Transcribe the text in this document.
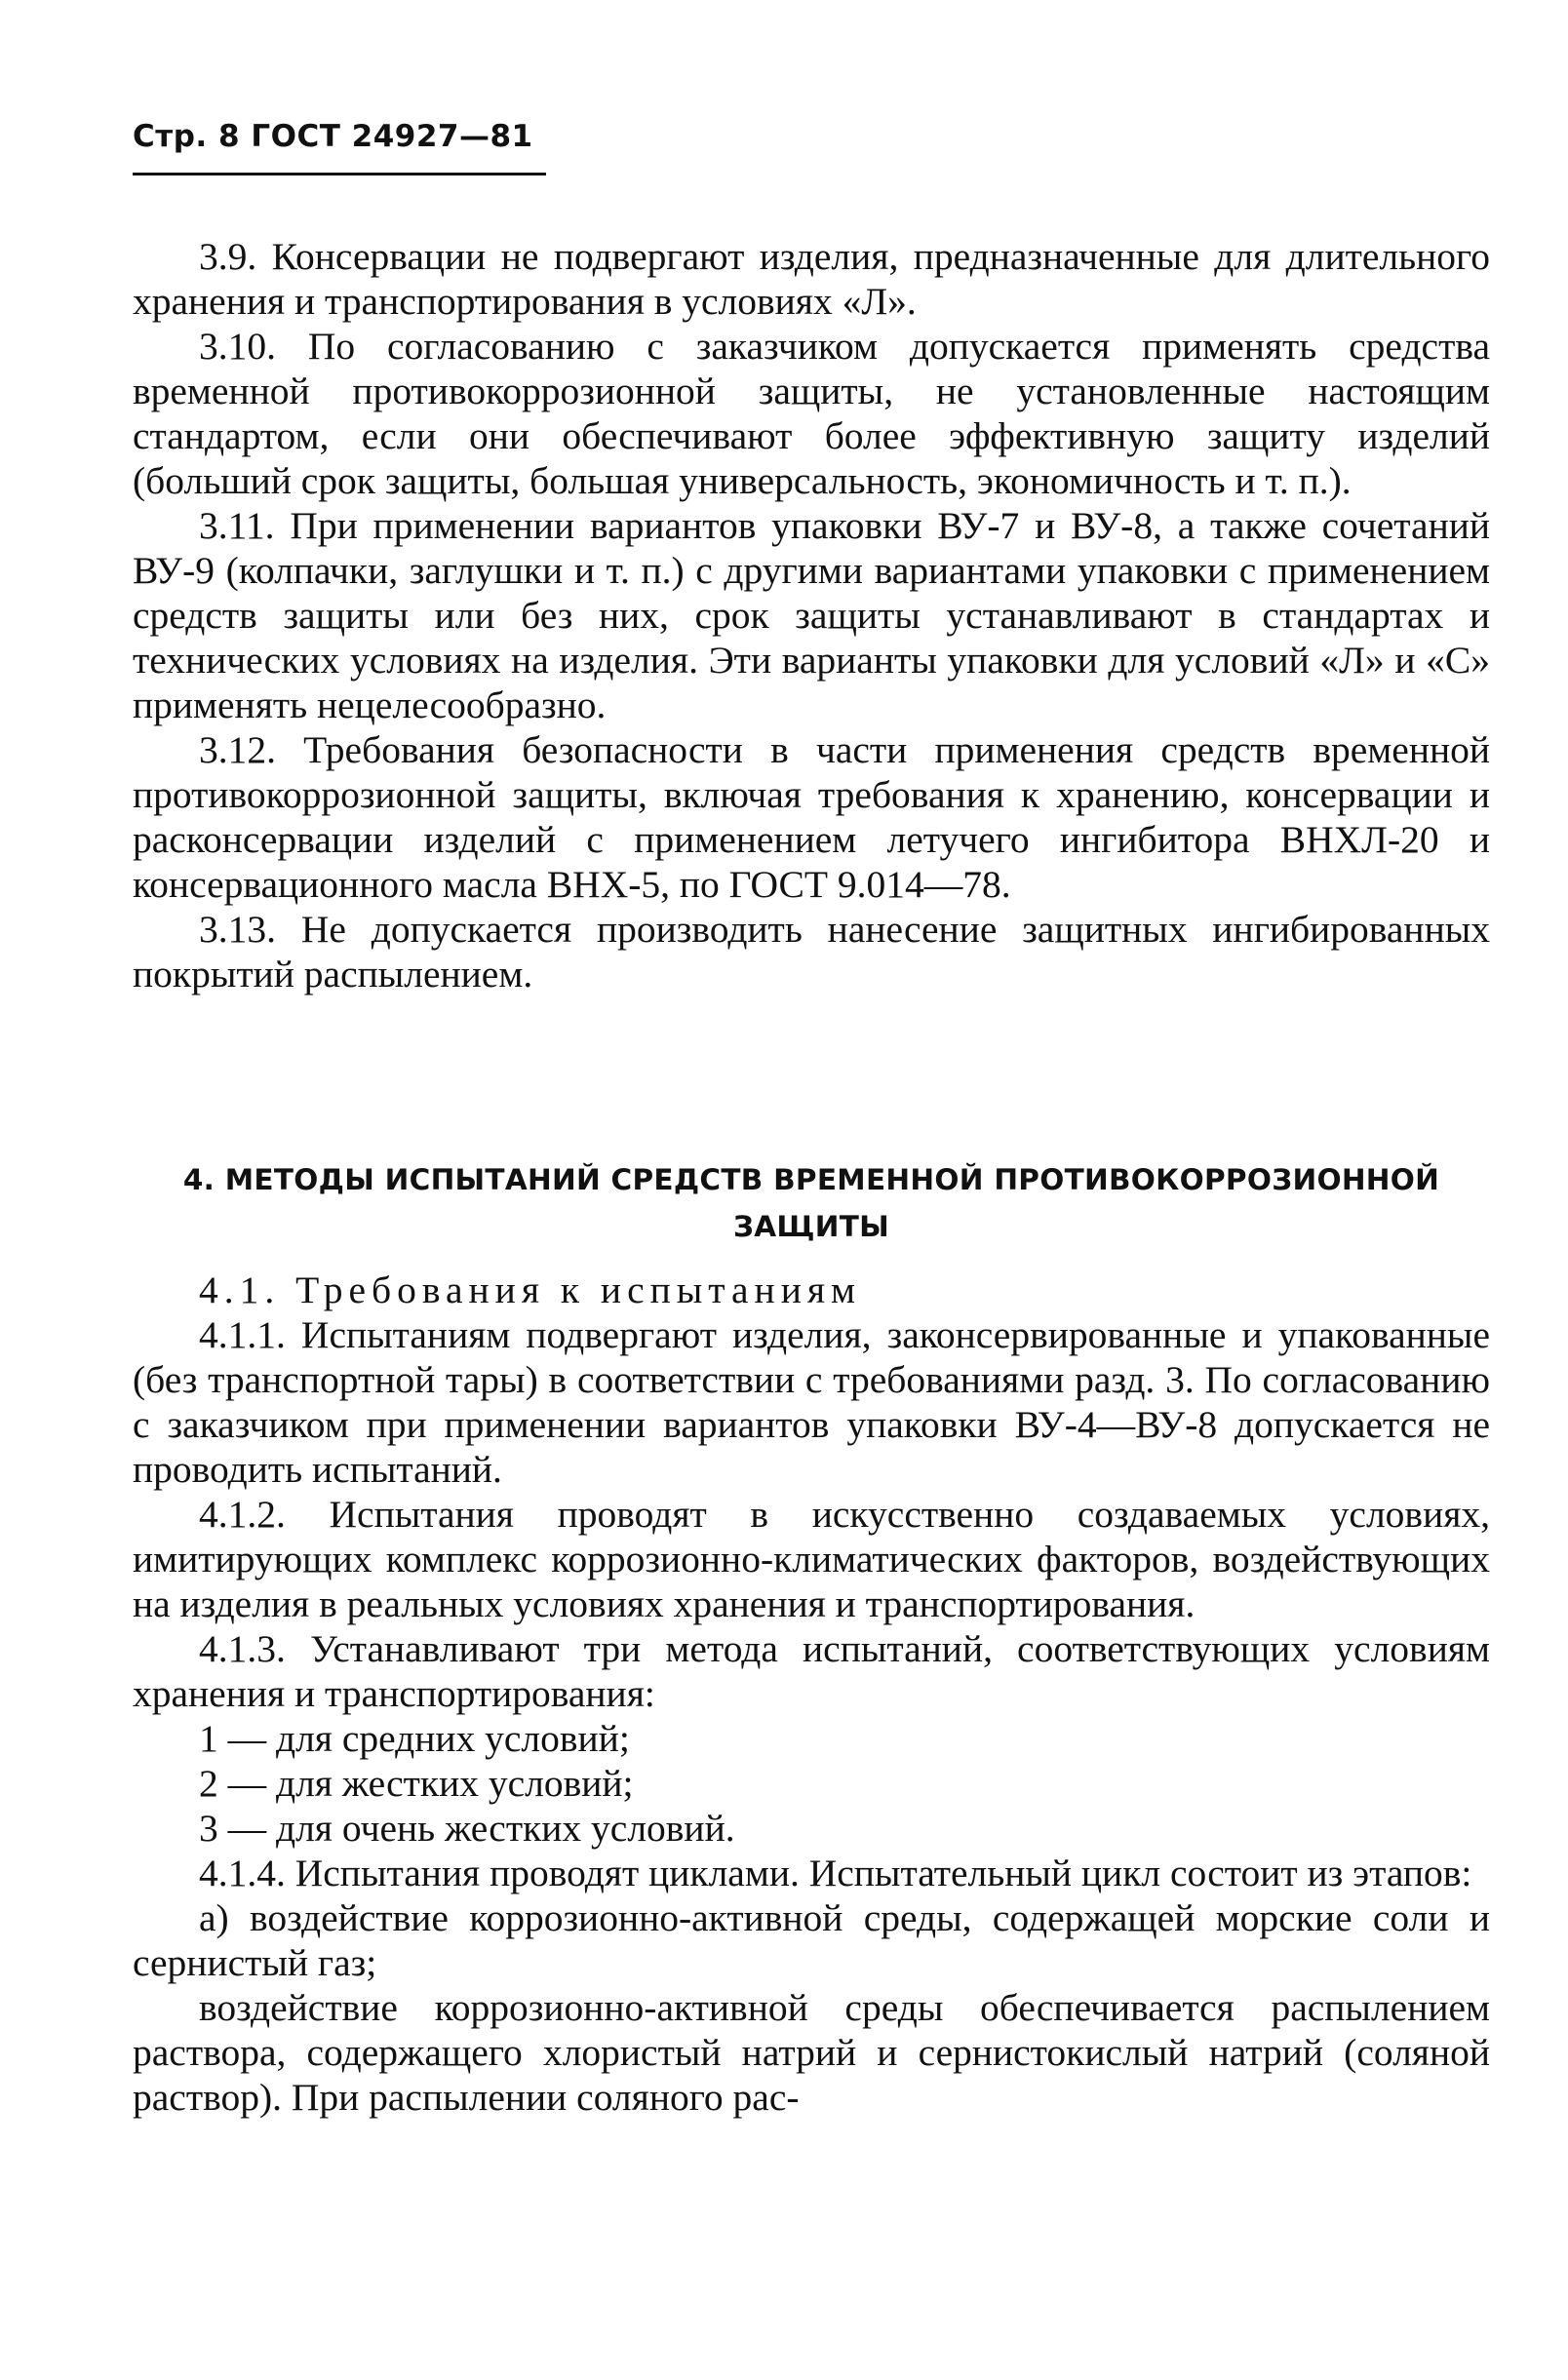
Стр. 8 ГОСТ 24927—81

3.9. Консервации не подвергают изделия, предназначенные для длительного хранения и транспортирования в условиях «Л».

3.10. По согласованию с заказчиком допускается применять средства временной противокоррозионной защиты, не установленные настоящим стандартом, если они обеспечивают более эффективную защиту изделий (больший срок защиты, большая универсальность, экономичность и т. п.).

3.11. При применении вариантов упаковки ВУ-7 и ВУ-8, а также сочетаний ВУ-9 (колпачки, заглушки и т. п.) с другими вариантами упаковки с применением средств защиты или без них, срок защиты устанавливают в стандартах и технических условиях на изделия. Эти варианты упаковки для условий «Л» и «С» применять нецелесообразно.

3.12. Требования безопасности в части применения средств временной противокоррозионной защиты, включая требования к хранению, консервации и расконсервации изделий с применением летучего ингибитора ВНХЛ-20 и консервационного масла ВНХ-5, по ГОСТ 9.014—78.

3.13. Не допускается производить нанесение защитных ингибированных покрытий распылением.

4. МЕТОДЫ ИСПЫТАНИЙ СРЕДСТВ ВРЕМЕННОЙ ПРОТИВОКОРРОЗИОННОЙ
ЗАЩИТЫ

4.1. Требования к испытаниям

4.1.1. Испытаниям подвергают изделия, законсервированные и упакованные (без транспортной тары) в соответствии с требованиями разд. 3. По согласованию с заказчиком при применении вариантов упаковки ВУ-4—ВУ-8 допускается не проводить испытаний.

4.1.2. Испытания проводят в искусственно создаваемых условиях, имитирующих комплекс коррозионно-климатических факторов, воздействующих на изделия в реальных условиях хранения и транспортирования.

4.1.3. Устанавливают три метода испытаний, соответствующих условиям хранения и транспортирования:

1 — для средних условий;

2 — для жестких условий;

3 — для очень жестких условий.

4.1.4. Испытания проводят циклами. Испытательный цикл состоит из этапов:

а) воздействие коррозионно-активной среды, содержащей морские соли и сернистый газ;

воздействие коррозионно-активной среды обеспечивается распылением раствора, содержащего хлористый натрий и сернистокислый натрий (соляной раствор). При распылении соляного рас-
